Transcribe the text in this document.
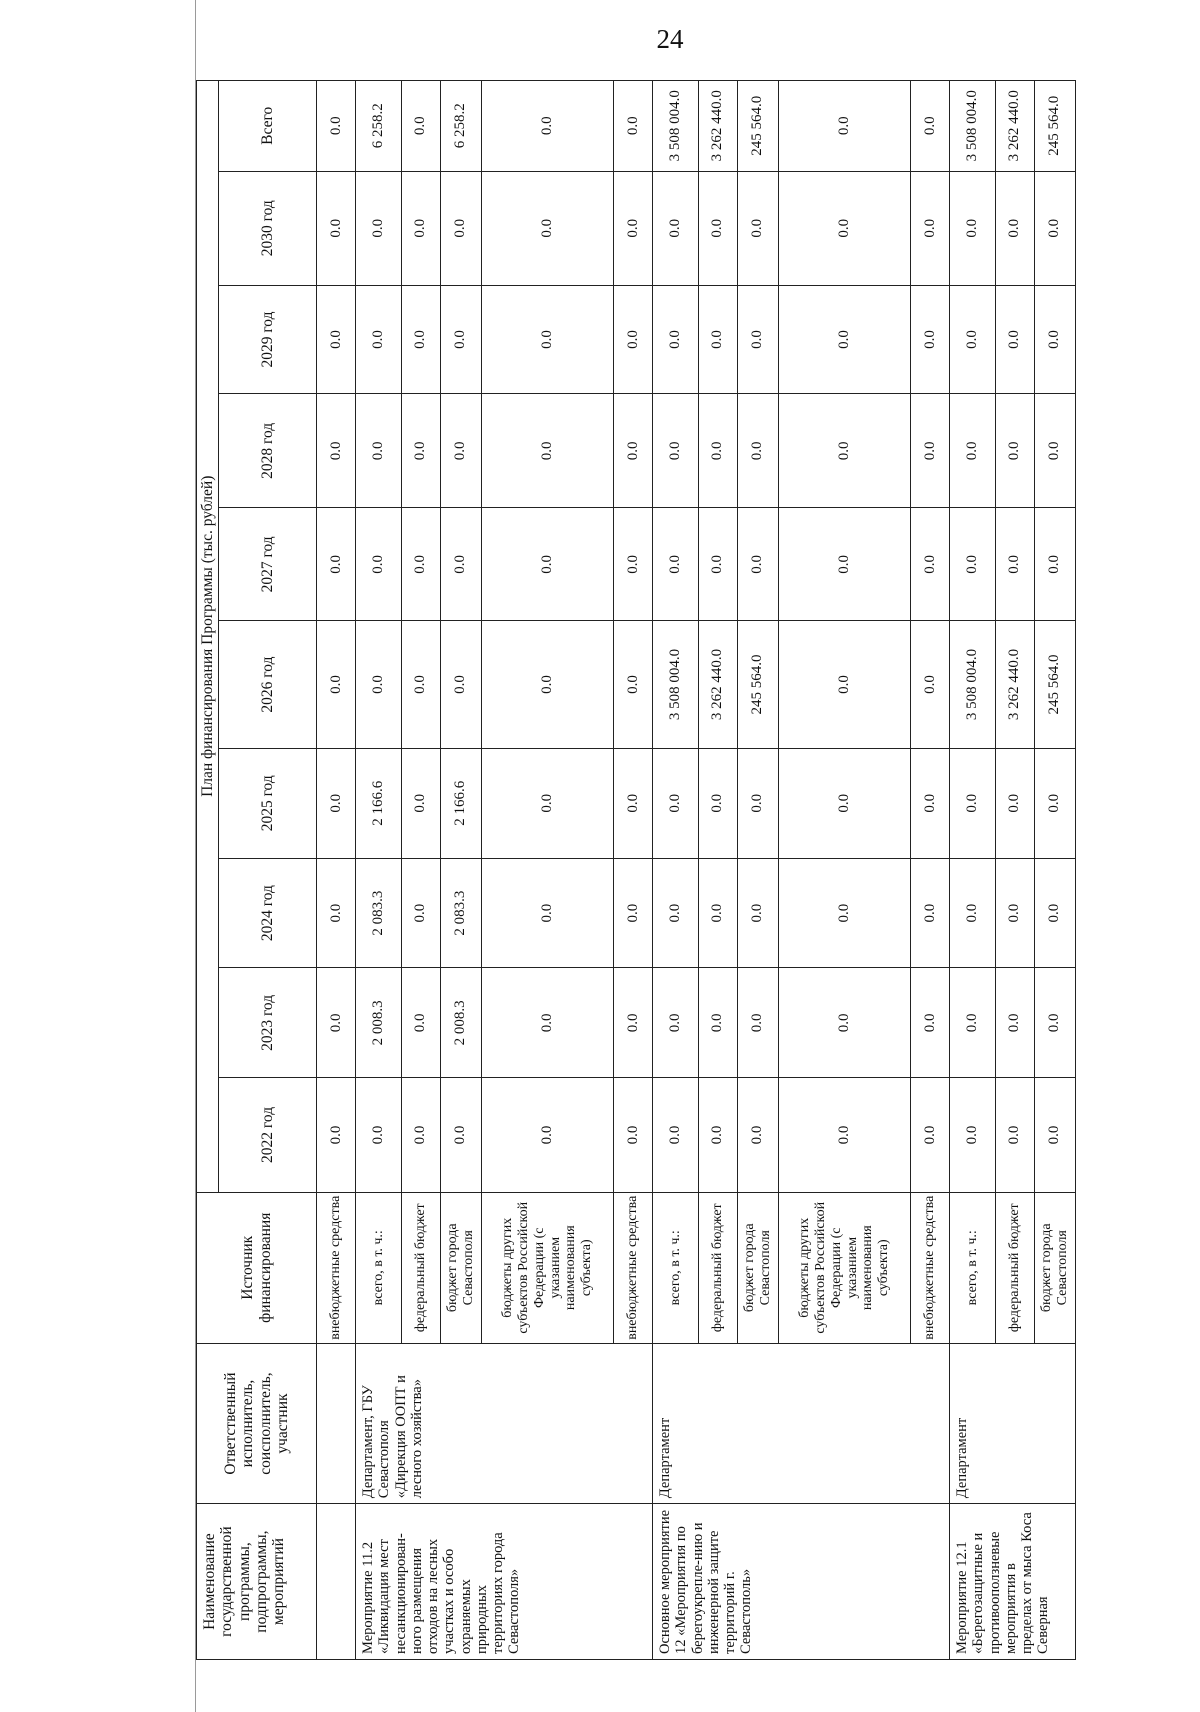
24
Наименование государственной программы, подпрограммы, мероприятий	Ответственный исполнитель, соисполнитель, участник	Источник финансирования	План финансирования Программы (тыс. рублей)									
			2022 год	2023 год	2024 год	2025 год	2026 год	2027 год	2028 год	2029 год	2030 год	Всего
		внебюджетные средства	0.0	0.0	0.0	0.0	0.0	0.0	0.0	0.0	0.0	0.0
Мероприятие 11.2 «Ликвидация мест несанкционирован-ного размещения отходов на лесных участках и особо охраняемых природных территориях города Севастополя»	Департамент, ГБУ Севастополя «Дирекция ООПТ и лесного хозяйства»	всего, в т. ч.:	0.0	2 008.3	2 083.3	2 166.6	0.0	0.0	0.0	0.0	0.0	6 258.2
		федеральный бюджет	0.0	0.0	0.0	0.0	0.0	0.0	0.0	0.0	0.0	0.0
		бюджет города Севастополя	0.0	2 008.3	2 083.3	2 166.6	0.0	0.0	0.0	0.0	0.0	6 258.2
		бюджеты других субъектов Российской Федерации (с указанием наименования субъекта)	0.0	0.0	0.0	0.0	0.0	0.0	0.0	0.0	0.0	0.0
		внебюджетные средства	0.0	0.0	0.0	0.0	0.0	0.0	0.0	0.0	0.0	0.0
Основное мероприятие 12 «Мероприятия по берегоукрепле-нию и инженерной защите территорий г. Севастополь»	Департамент	всего, в т. ч.:	0.0	0.0	0.0	0.0	3 508 004.0	0.0	0.0	0.0	0.0	3 508 004.0
		федеральный бюджет	0.0	0.0	0.0	0.0	3 262 440.0	0.0	0.0	0.0	0.0	3 262 440.0
		бюджет города Севастополя	0.0	0.0	0.0	0.0	245 564.0	0.0	0.0	0.0	0.0	245 564.0
		бюджеты других субъектов Российской Федерации (с указанием наименования субъекта)	0.0	0.0	0.0	0.0	0.0	0.0	0.0	0.0	0.0	0.0
		внебюджетные средства	0.0	0.0	0.0	0.0	0.0	0.0	0.0	0.0	0.0	0.0
Мероприятие 12.1 «Берегозащитные и противооползневые мероприятия в пределах от мыса Коса Северная	Департамент	всего, в т. ч.:	0.0	0.0	0.0	0.0	3 508 004.0	0.0	0.0	0.0	0.0	3 508 004.0
		федеральный бюджет	0.0	0.0	0.0	0.0	3 262 440.0	0.0	0.0	0.0	0.0	3 262 440.0
		бюджет города Севастополя	0.0	0.0	0.0	0.0	245 564.0	0.0	0.0	0.0	0.0	245 564.0
